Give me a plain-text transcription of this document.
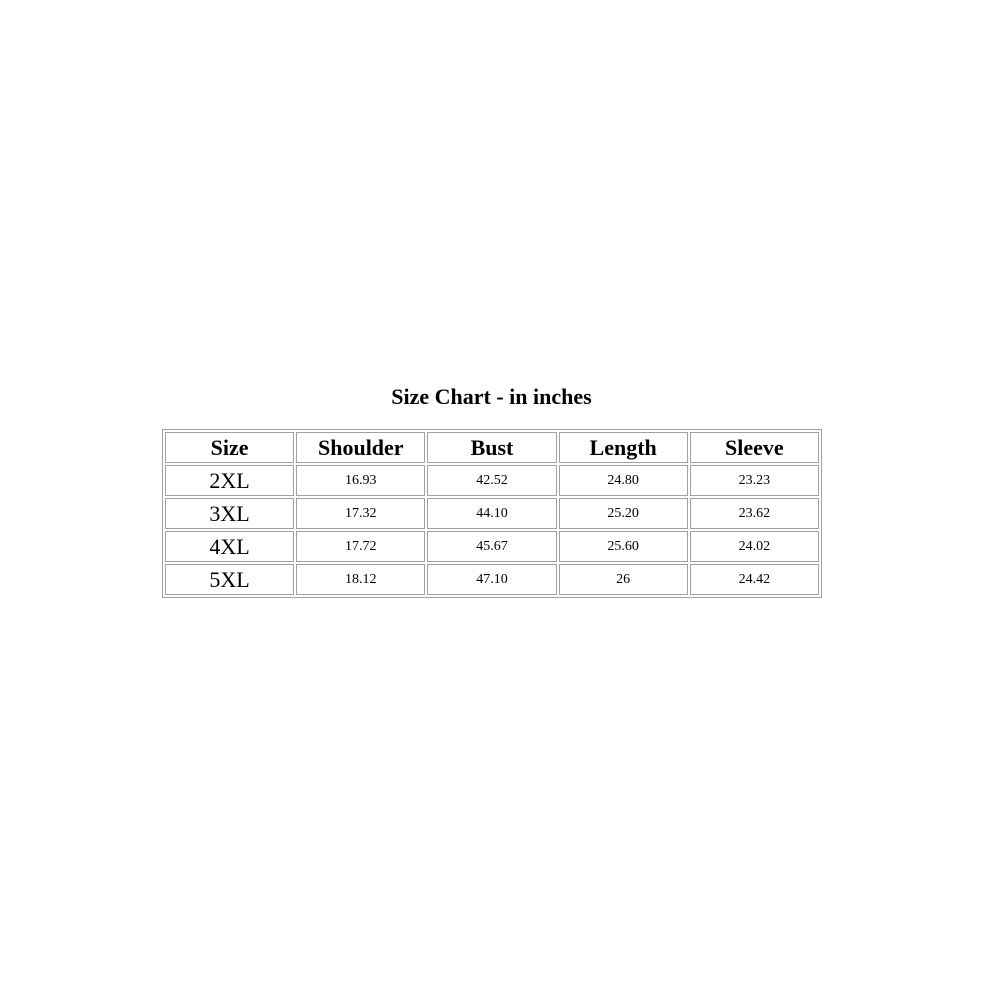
Size Chart - in inches
Size	Shoulder	Bust	Length	Sleeve
2XL	16.93	42.52	24.80	23.23
3XL	17.32	44.10	25.20	23.62
4XL	17.72	45.67	25.60	24.02
5XL	18.12	47.10	26	24.42
